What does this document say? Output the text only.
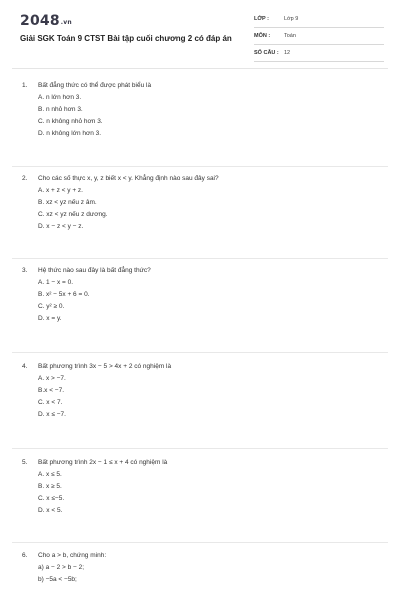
$2048_{.vn}$
Giải SGK Toán 9 CTST Bài tập cuối chương 2 có đáp án
LỚP :	Lớp 9
MÔN :	Toán
SỐ CÂU : 12
1. Bất đẳng thức có thể được phát biểu là
A. n lớn hơn 3.
B. n nhỏ hơn 3.
C. n không nhỏ hơn 3.
D. n không lớn hơn 3.
2. Cho các số thực x, y, z biết x < y. Khẳng định nào sau đây sai?
A. x + z < y + z.
B. xz < yz nếu z âm.
C. xz < yz nếu z dương.
D. x − z < y − z.
3. Hệ thức nào sau đây là bất đẳng thức?
A. 1 − x = 0.
B. x² − 5x + 6 = 0.
C. y² ≥ 0.
D. x = y.
4. Bất phương trình 3x − 5 > 4x + 2 có nghiệm là
A. x > −7.
B.x < −7.
C. x < 7.
D. x ≤ −7.
5. Bất phương trình 2x − 1 ≤ x + 4 có nghiệm là
A. x ≤ 5.
B. x ≥ 5.
C. x ≤−5.
D. x < 5.
6. Cho a > b, chứng minh:
a) a − 2 > b − 2;
b) −5a < −5b;
